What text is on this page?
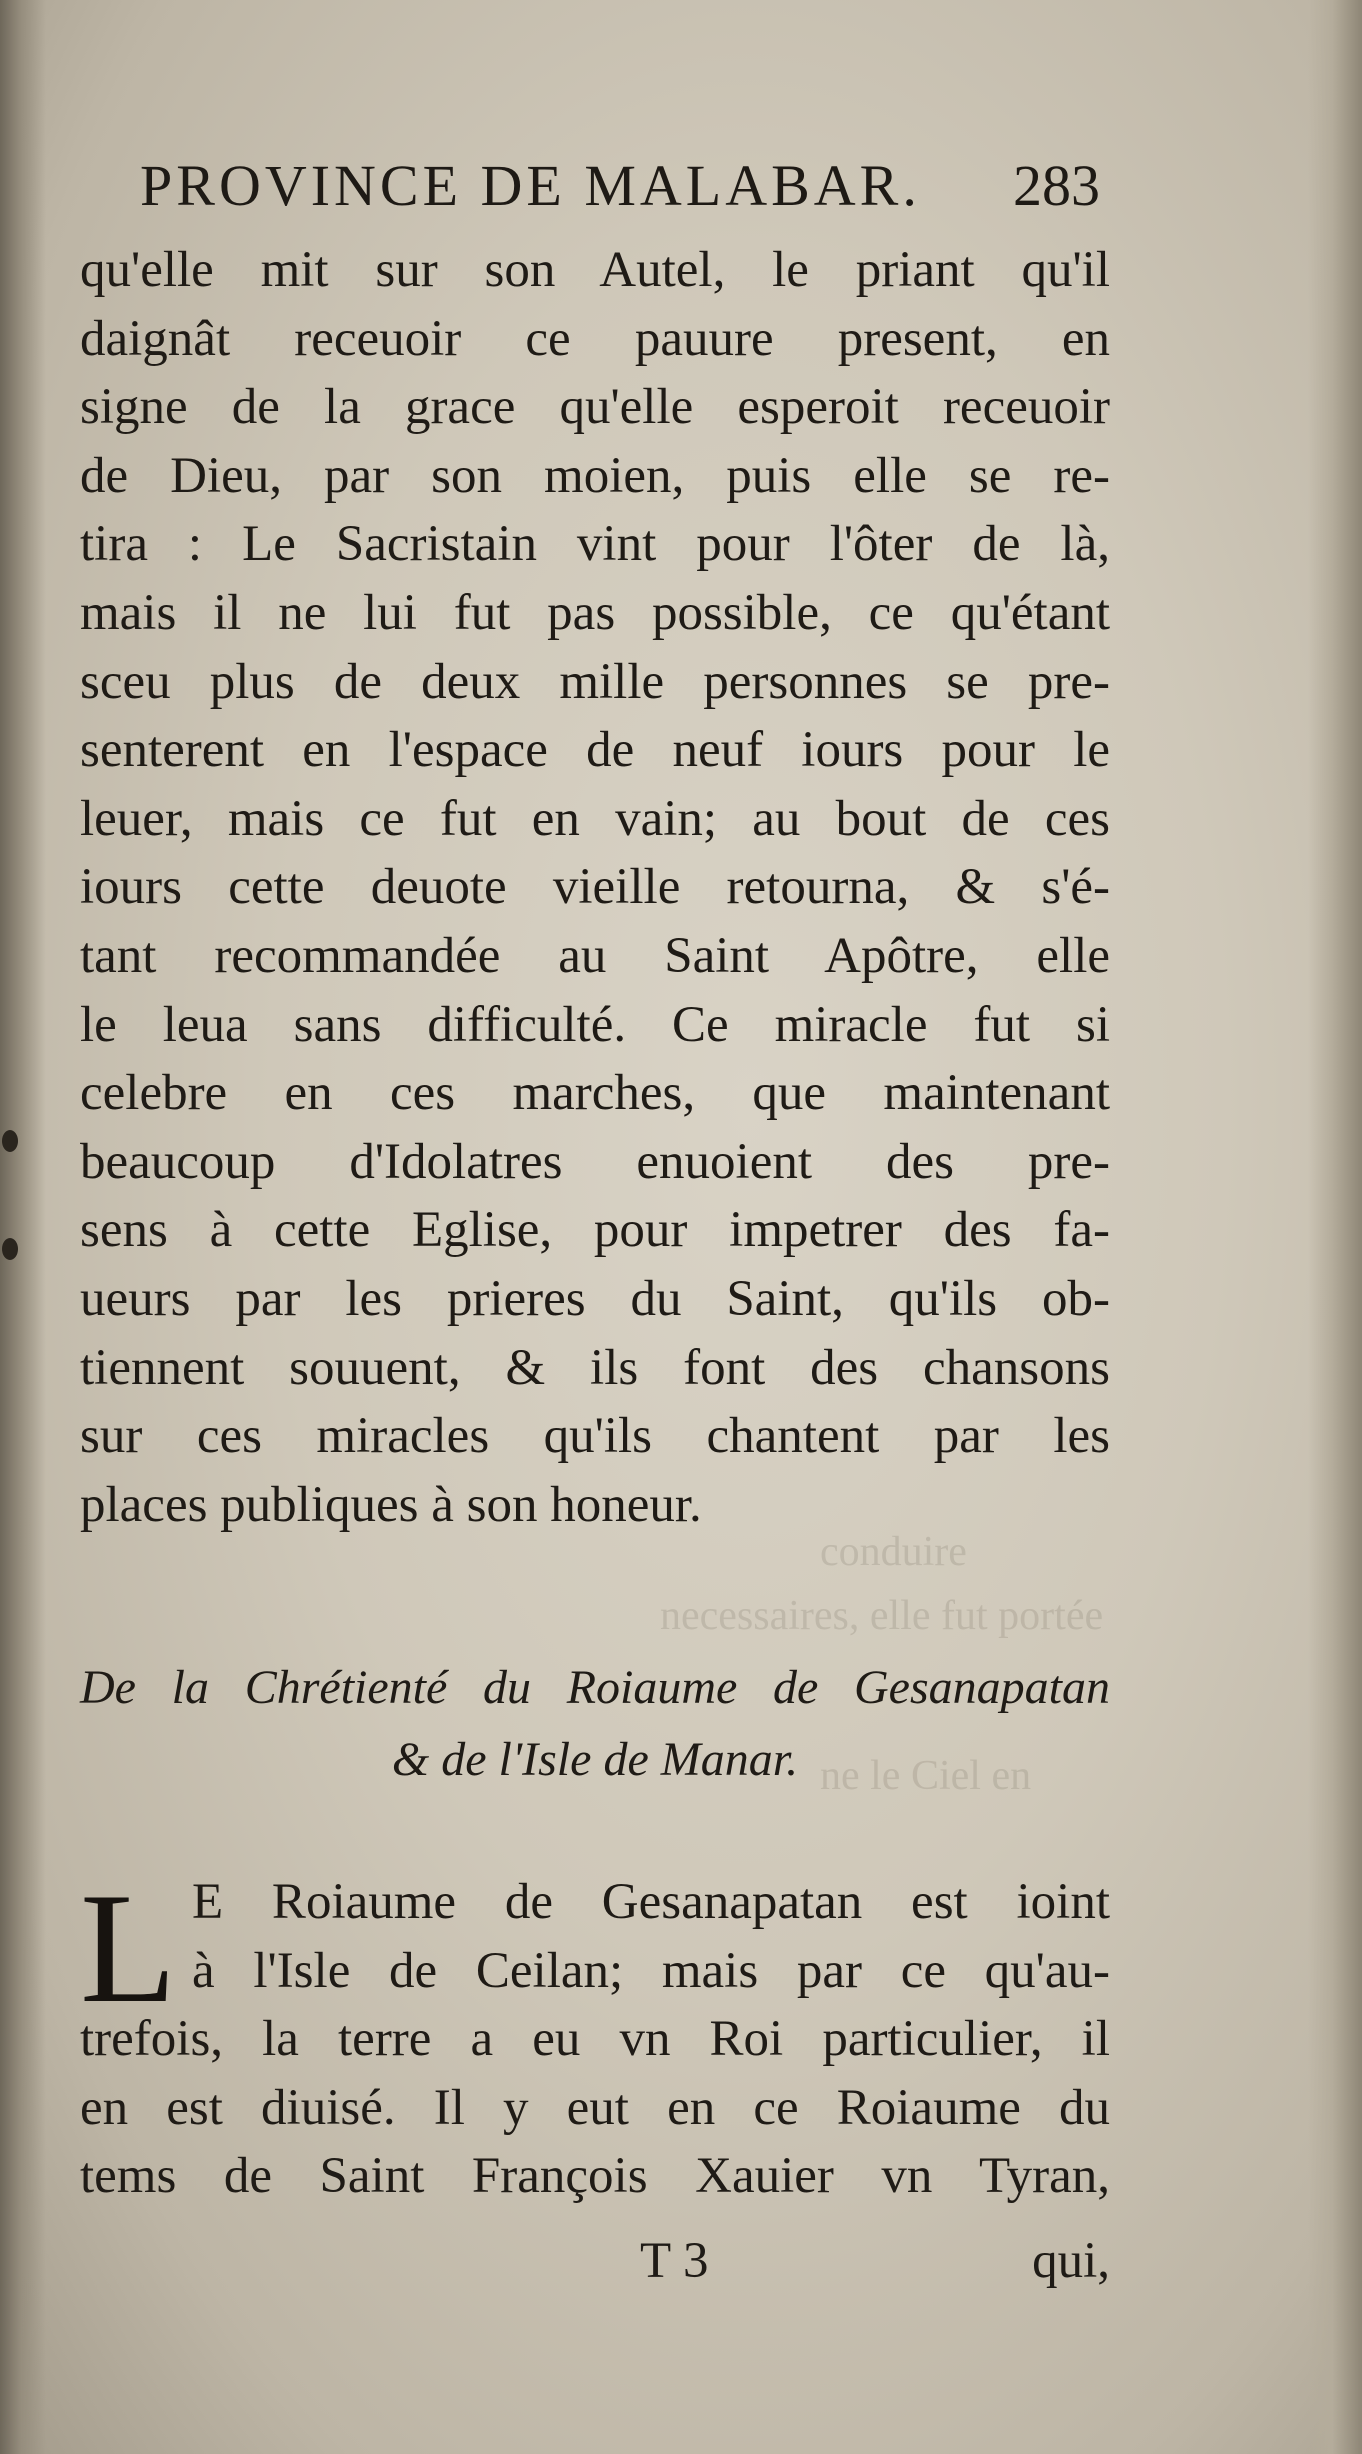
conduire
necessaires, elle fut portée
ne le Ciel en
PROVINCE DE MALABAR. 283
qu'elle mit sur son Autel, le priant qu'il
daignât receuoir ce pauure present, en
signe de la grace qu'elle esperoit receuoir
de Dieu, par son moien, puis elle se re-
tira : Le Sacristain vint pour l'ôter de là,
mais il ne lui fut pas possible, ce qu'étant
sceu plus de deux mille personnes se pre-
senterent en l'espace de neuf iours pour le
leuer, mais ce fut en vain; au bout de ces
iours cette deuote vieille retourna, & s'é-
tant recommandée au Saint Apôtre, elle
le leua sans difficulté. Ce miracle fut si
celebre en ces marches, que maintenant
beaucoup d'Idolatres enuoient des pre-
sens à cette Eglise, pour impetrer des fa-
ueurs par les prieres du Saint, qu'ils ob-
tiennent souuent, & ils font des chansons
sur ces miracles qu'ils chantent par les
places publiques à son honeur.
De la Chrétienté du Roiaume de Gesanapatan
& de l'Isle de Manar.
L E Roiaume de Gesanapatan est ioint
à l'Isle de Ceilan; mais par ce qu'au-
trefois, la terre a eu vn Roi particulier, il
en est diuisé. Il y eut en ce Roiaume du
tems de Saint François Xauier vn Tyran,
T 3	qui,
